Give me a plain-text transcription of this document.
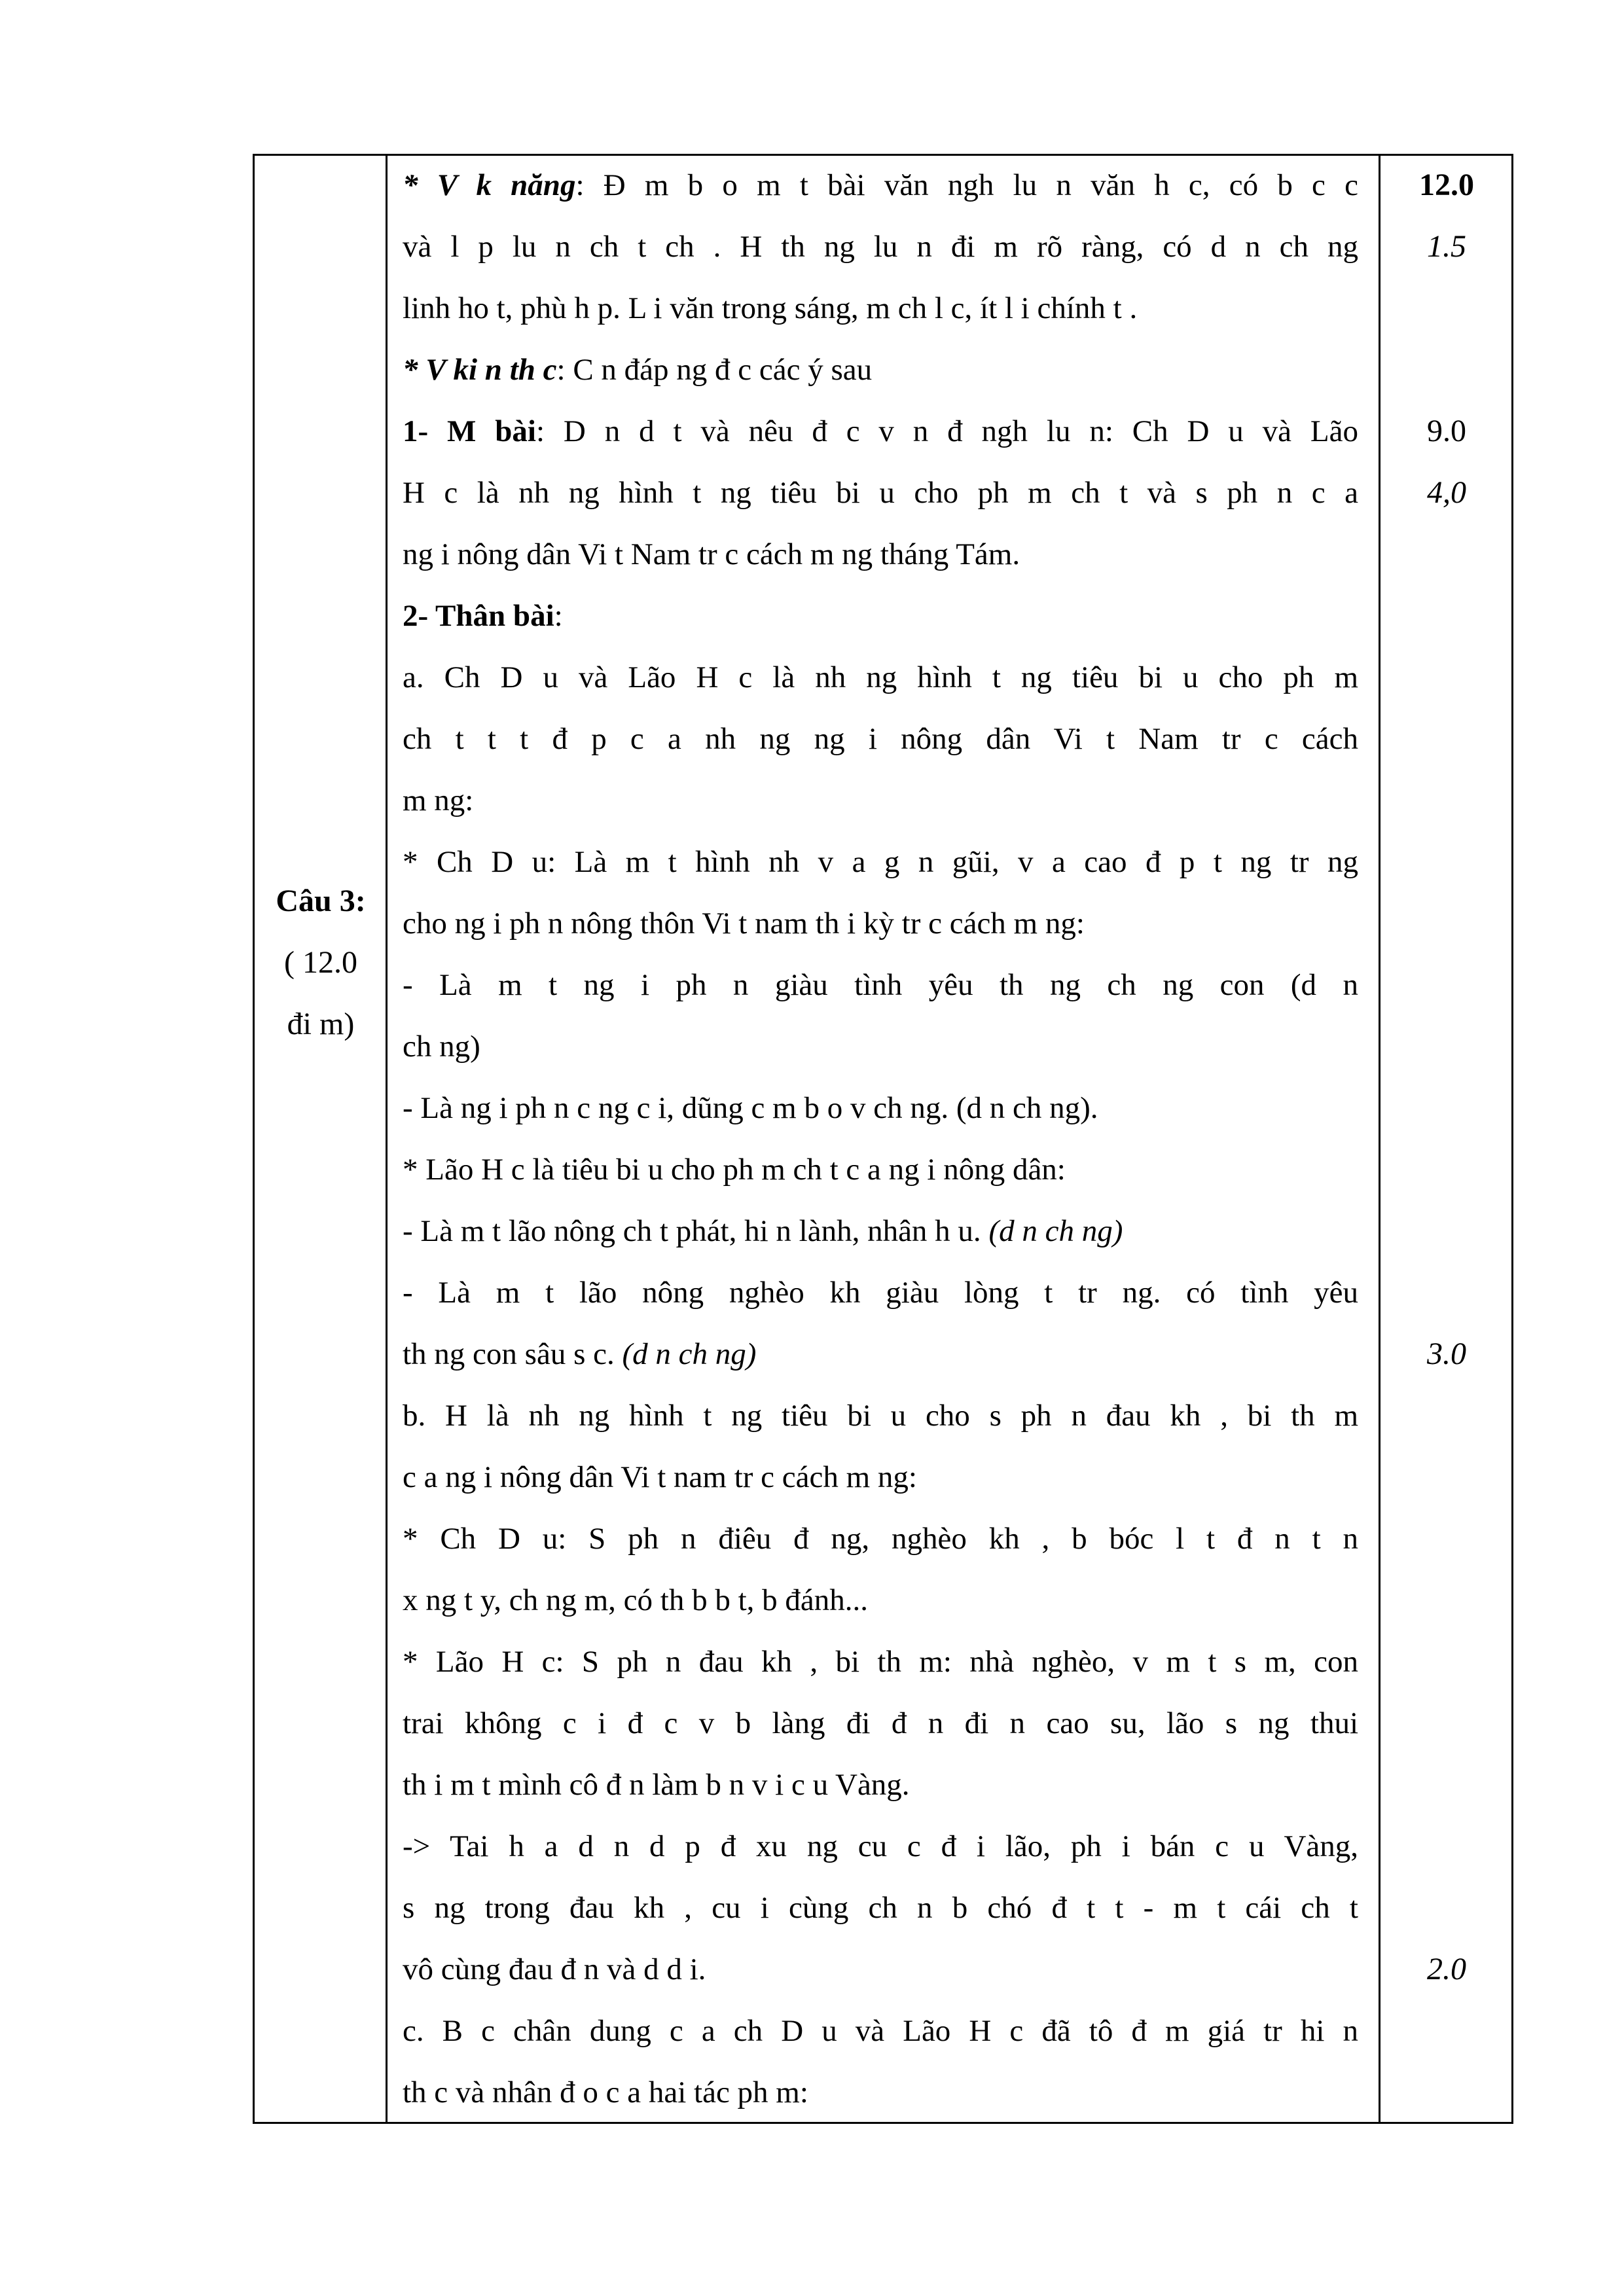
Câu 3:
( 12.0
đi m)
* V k năng: Đ m b o m t bài văn ngh lu n văn h c, có b c c
và l p lu n ch t ch . H th ng lu n đi m rõ ràng, có d n ch ng
linh ho t, phù h p. L i văn trong sáng, m ch l c, ít l i chính t .
* V ki n th c: C n đáp ng đ c các ý sau
1- M bài: D n d t và nêu đ c v n đ ngh lu n: Ch D u và Lão
H c là nh ng hình t ng tiêu bi u cho ph m ch t và s ph n c a
ng i nông dân Vi t Nam tr c cách m ng tháng Tám.
2- Thân bài:
a. Ch D u và Lão H c là nh ng hình t ng tiêu bi u cho ph m
ch t t t đ p c a nh ng ng i nông dân Vi t Nam tr c cách
m ng:
* Ch D u: Là m t hình nh v a g n gũi, v a cao đ p t ng tr ng
cho ng i ph n nông thôn Vi t nam th i kỳ tr c cách m ng:
- Là m t ng i ph n giàu tình yêu th ng ch ng con (d n
ch ng)
- Là ng i ph n c ng c i, dũng c m b o v ch ng. (d n ch ng).
* Lão H c là tiêu bi u cho ph m ch t c a ng i nông dân:
- Là m t lão nông ch t phát, hi n lành, nhân h u. (d n ch ng)
- Là m t lão nông nghèo kh giàu lòng t tr ng. có tình yêu
th ng con sâu s c. (d n ch ng)
b. H là nh ng hình t ng tiêu bi u cho s ph n đau kh , bi th m
c a ng i nông dân Vi t nam tr c cách m ng:
* Ch D u: S ph n điêu đ ng, nghèo kh , b bóc l t đ n t n
x ng t y, ch ng m, có th b b t, b đánh...
* Lão H c: S ph n đau kh , bi th m: nhà nghèo, v m t s m, con
trai không c i đ c v b làng đi đ n đi n cao su, lão s ng thui
th i m t mình cô đ n làm b n v i c u Vàng.
-> Tai h a d n d p đ xu ng cu c đ i lão, ph i bán c u Vàng,
s ng trong đau kh , cu i cùng ch n b chó đ t t - m t cái ch t
vô cùng đau đ n và d d i.
c. B c chân dung c a ch D u và Lão H c đã tô đ m giá tr hi n
th c và nhân đ o c a hai tác ph m:
12.0
1.5
9.0
4,0
3.0
2.0
